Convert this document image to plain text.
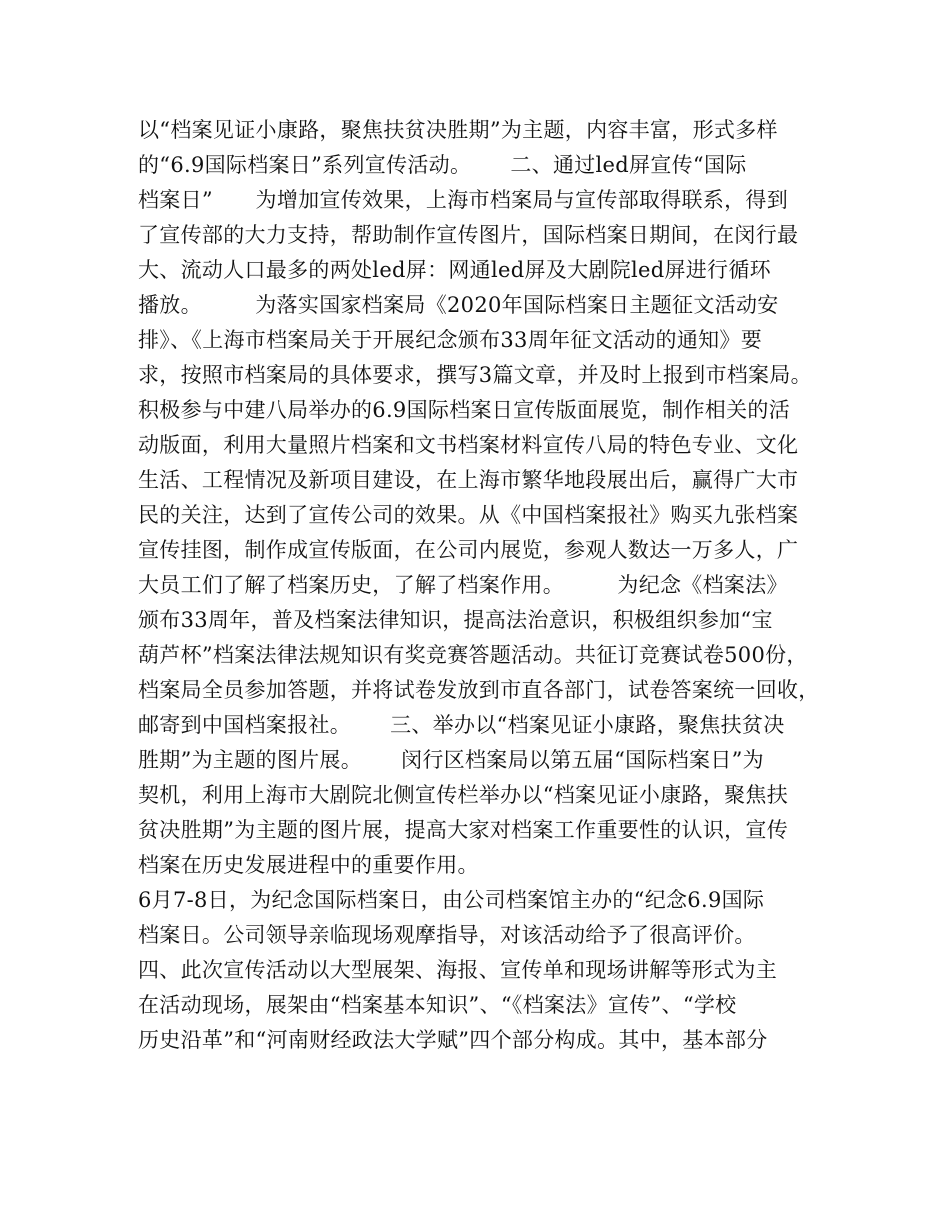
以“档案见证小康路，聚焦扶贫决胜期”为主题，内容丰富，形式多样
的“6.9国际档案日”系列宣传活动。　　 二、通过led屏宣传“国际
档案日”　　为增加宣传效果，上海市档案局与宣传部取得联系，得到
了宣传部的大力支持，帮助制作宣传图片，国际档案日期间，在闵行最
大、流动人口最多的两处led屏：网通led屏及大剧院led屏进行循环
播放。　　　为落实国家档案局《2020年国际档案日主题征文活动安
排》、《上海市档案局关于开展纪念颁布33周年征文活动的通知》要
求，按照市档案局的具体要求，撰写3篇文章，并及时上报到市档案局。
积极参与中建八局举办的6.9国际档案日宣传版面展览，制作相关的活
动版面，利用大量照片档案和文书档案材料宣传八局的特色专业、文化
生活、工程情况及新项目建设，在上海市繁华地段展出后，赢得广大市
民的关注，达到了宣传公司的效果。从《中国档案报社》购买九张档案
宣传挂图，制作成宣传版面，在公司内展览，参观人数达一万多人，广
大员工们了解了档案历史，了解了档案作用。　　　为纪念《档案法》
颁布33周年，普及档案法律知识，提高法治意识，积极组织参加“宝
葫芦杯”档案法律法规知识有奖竞赛答题活动。共征订竞赛试卷500份，
档案局全员参加答题，并将试卷发放到市直各部门，试卷答案统一回收，
邮寄到中国档案报社。　　 三、举办以“档案见证小康路，聚焦扶贫决
胜期”为主题的图片展。　　 闵行区档案局以第五届“国际档案日”为
契机，利用上海市大剧院北侧宣传栏举办以“档案见证小康路，聚焦扶
贫决胜期”为主题的图片展，提高大家对档案工作重要性的认识，宣传
档案在历史发展进程中的重要作用。
6月7-8日，为纪念国际档案日，由公司档案馆主办的“纪念6.9国际
档案日。公司领导亲临现场观摩指导，对该活动给予了很高评价。
四、此次宣传活动以大型展架、海报、宣传单和现场讲解等形式为主
在活动现场，展架由“档案基本知识”、“《档案法》宣传”、“学校
历史沿革”和“河南财经政法大学赋”四个部分构成。其中，基本部分
